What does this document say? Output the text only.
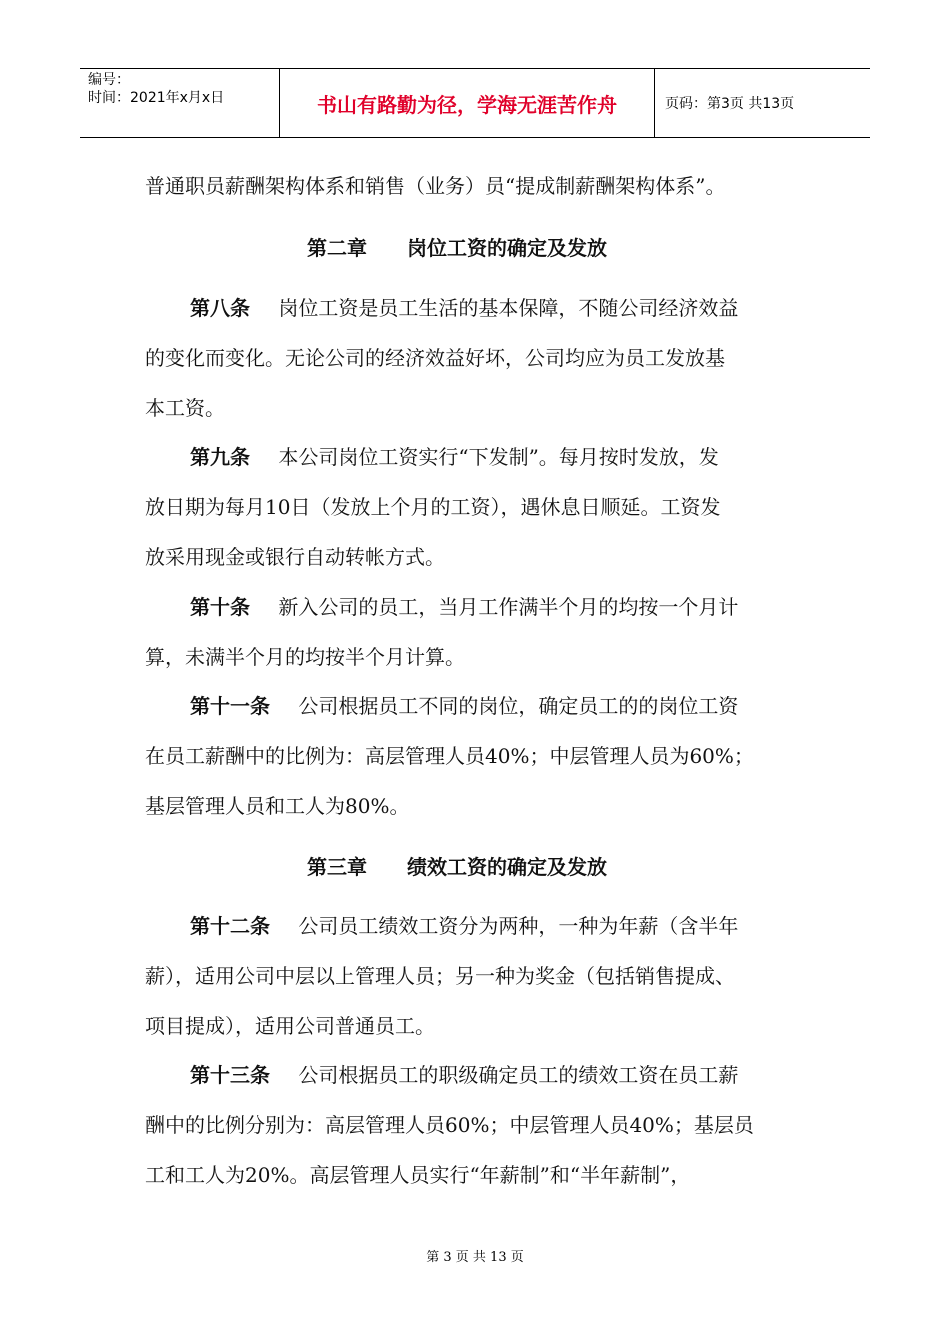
编号：
时间：2021年x月x日	书山有路勤为径，学海无涯苦作舟	页码：第3页 共13页
普通职员薪酬架构体系和销售（业务）员“提成制薪酬架构体系”。
第二章　　岗位工资的确定及发放
第八条 岗位工资是员工生活的基本保障，不随公司经济效益
的变化而变化。无论公司的经济效益好坏，公司均应为员工发放基
本工资。
第九条 本公司岗位工资实行“下发制”。每月按时发放，发
放日期为每月10日（发放上个月的工资），遇休息日顺延。工资发
放采用现金或银行自动转帐方式。
第十条 新入公司的员工，当月工作满半个月的均按一个月计
算，未满半个月的均按半个月计算。
第十一条 公司根据员工不同的岗位，确定员工的的岗位工资
在员工薪酬中的比例为：高层管理人员40%；中层管理人员为60%；
基层管理人员和工人为80%。
第三章　　绩效工资的确定及发放
第十二条 公司员工绩效工资分为两种，一种为年薪（含半年
薪），适用公司中层以上管理人员；另一种为奖金（包括销售提成、
项目提成），适用公司普通员工。
第十三条 公司根据员工的职级确定员工的绩效工资在员工薪
酬中的比例分别为：高层管理人员60%；中层管理人员40%；基层员
工和工人为20%。高层管理人员实行“年薪制”和“半年薪制”，
第 3 页 共 13 页
